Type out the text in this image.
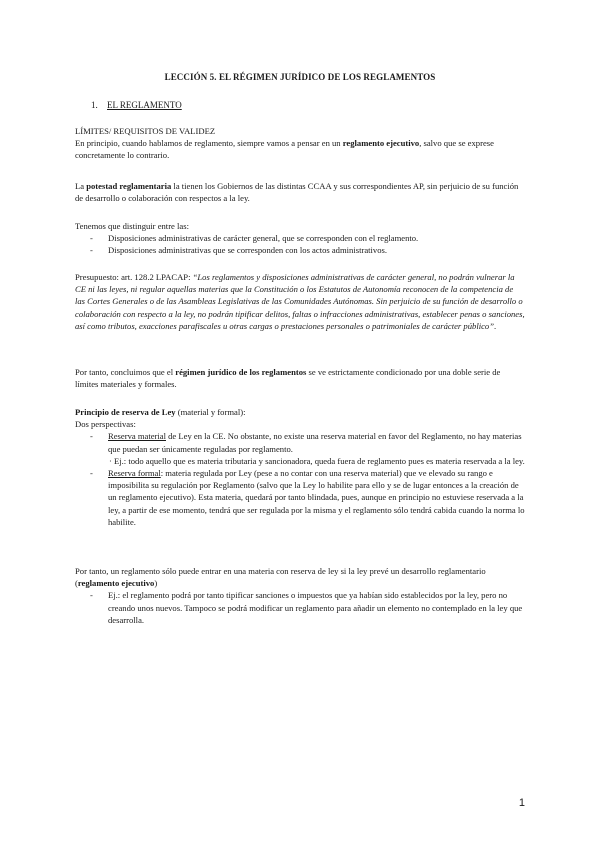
LECCIÓN 5. EL RÉGIMEN JURÍDICO DE LOS REGLAMENTOS
1. EL REGLAMENTO

LÍMITES/ REQUISITOS DE VALIDEZ

En principio, cuando hablamos de reglamento, siempre vamos a pensar en un reglamento ejecutivo, salvo que se exprese concretamente lo contrario.

La potestad reglamentaria la tienen los Gobiernos de las distintas CCAA y sus correspondientes AP, sin perjuicio de su función de desarrollo o colaboración con respectos a la ley.

Tenemos que distinguir entre las:

- Disposiciones administrativas de carácter general, que se corresponden con el reglamento.
- Disposiciones administrativas que se corresponden con los actos administrativos.

Presupuesto: art. 128.2 LPACAP: “Los reglamentos y disposiciones administrativas de carácter general, no podrán vulnerar la CE ni las leyes, ni regular aquellas materias que la Constitución o los Estatutos de Autonomía reconocen de la competencia de las Cortes Generales o de las Asambleas Legislativas de las Comunidades Autónomas. Sin perjuicio de su función de desarrollo o colaboración con respecto a la ley, no podrán tipificar delitos, faltas o infracciones administrativas, establecer penas o sanciones, así como tributos, exacciones parafiscales u otras cargas o prestaciones personales o patrimoniales de carácter público”.

Por tanto, concluimos que el régimen jurídico de los reglamentos se ve estrictamente condicionado por una doble serie de límites materiales y formales.

Principio de reserva de Ley (material y formal):

Dos perspectivas:

- Reserva material de Ley en la CE. No obstante, no existe una reserva material en favor del Reglamento, no hay materias que puedan ser únicamente reguladas por reglamento.
· Ej.: todo aquello que es materia tributaria y sancionadora, queda fuera de reglamento pues es materia reservada a la ley.
- Reserva formal: materia regulada por Ley (pese a no contar con una reserva material) que ve elevado su rango e imposibilita su regulación por Reglamento (salvo que la Ley lo habilite para ello y se de lugar entonces a la creación de un reglamento ejecutivo). Esta materia, quedará por tanto blindada, pues, aunque en principio no estuviese reservada a la ley, a partir de ese momento, tendrá que ser regulada por la misma y el reglamento sólo tendrá cabida cuando la norma lo habilite.

Por tanto, un reglamento sólo puede entrar en una materia con reserva de ley si la ley prevé un desarrollo reglamentario (reglamento ejecutivo)

- Ej.: el reglamento podrá por tanto tipificar sanciones o impuestos que ya habían sido establecidos por la ley, pero no creando unos nuevos. Tampoco se podrá modificar un reglamento para añadir un elemento no contemplado en la ley que desarrolla.
1
